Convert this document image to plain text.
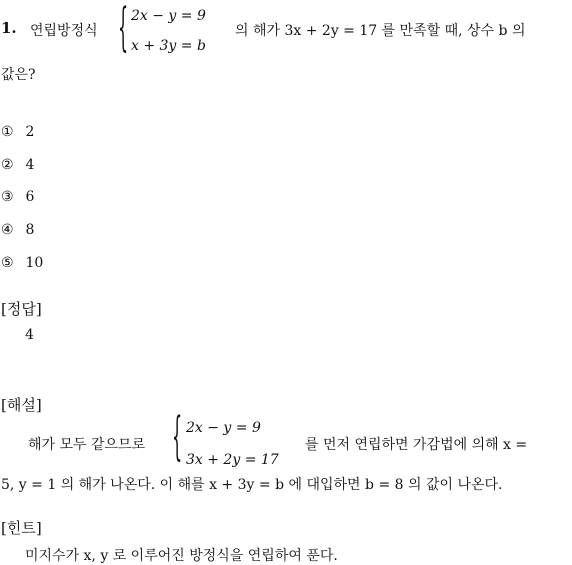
1. 연립방정식 { 2x − y = 9
x + 3y = b
의 해가 3x + 2y = 17 를 만족할 때, 상수 b 의
값은?
① 2
② 4
③ 6
④ 8
⑤ 10
[정답]
4
[해설]
해가 모두 같으므로 { 2x − y = 9
3x + 2y = 17
를 먼저 연립하면 가감법에 의해 x =
5, y = 1 의 해가 나온다. 이 해를 x + 3y = b 에 대입하면 b = 8 의 값이 나온다.
[힌트]
미지수가 x, y 로 이루어진 방정식을 연립하여 푼다.
